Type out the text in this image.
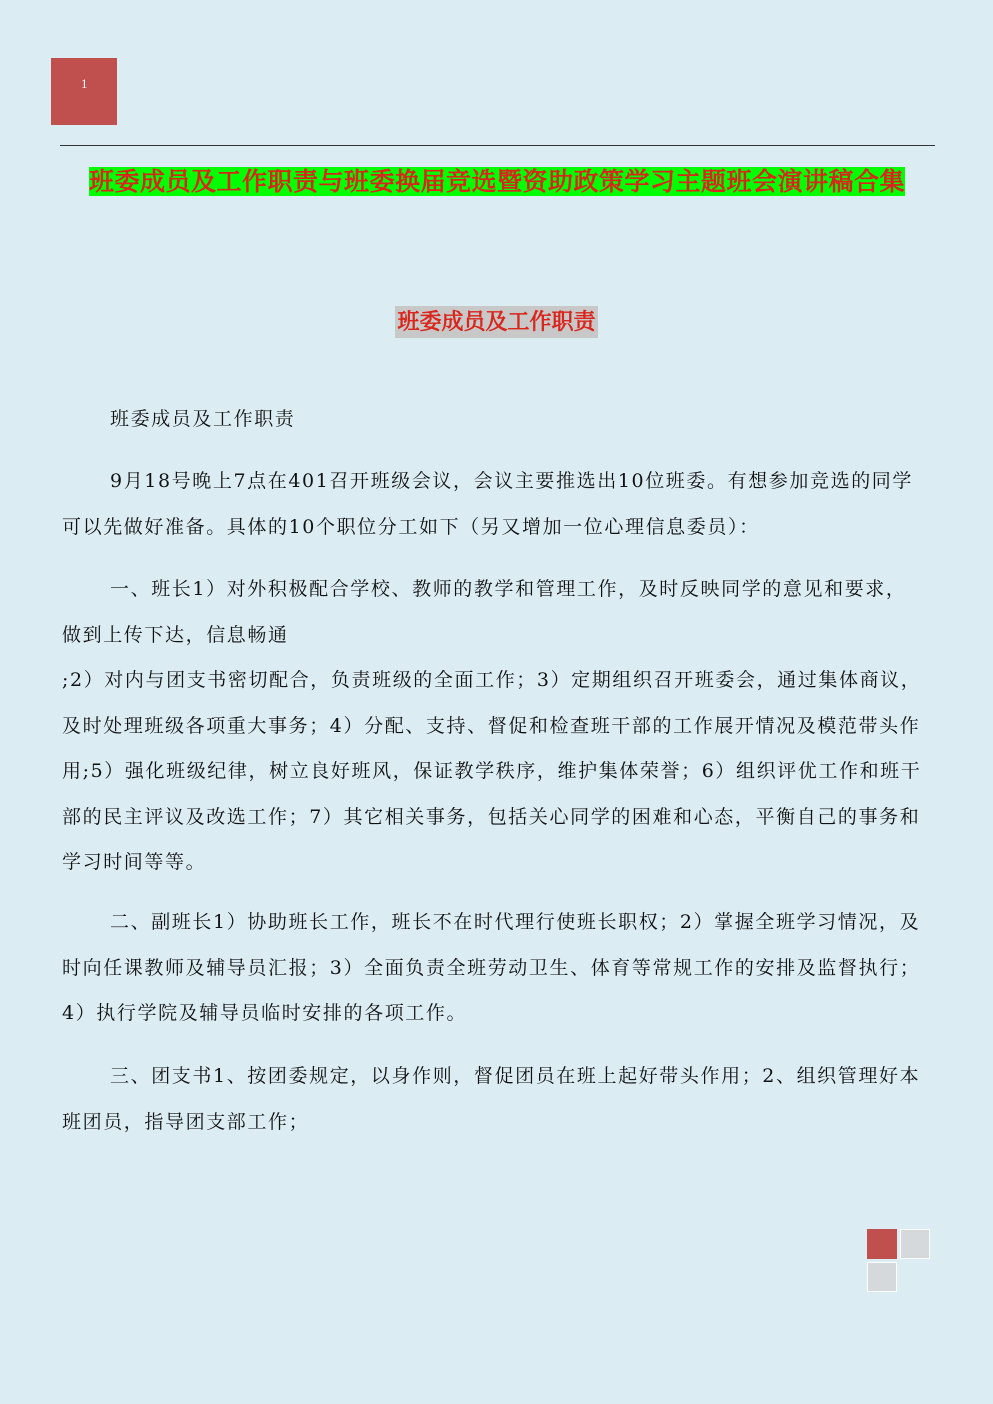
1
班委成员及工作职责与班委换届竞选暨资助政策学习主题班会演讲稿合集
班委成员及工作职责

班委成员及工作职责

9月18号晚上7点在401召开班级会议，会议主要推选出10位班委。有想参加竞选的同学可以先做好准备。具体的10个职位分工如下（另又增加一位心理信息委员）：

一、班长1）对外积极配合学校、教师的教学和管理工作，及时反映同学的意见和要求，做到上传下达，信息畅通
;2）对内与团支书密切配合，负责班级的全面工作；3）定期组织召开班委会，通过集体商议，及时处理班级各项重大事务；4）分配、支持、督促和检查班干部的工作展开情况及模范带头作用;5）强化班级纪律，树立良好班风，保证教学秩序，维护集体荣誉；6）组织评优工作和班干部的民主评议及改选工作；7）其它相关事务，包括关心同学的困难和心态，平衡自己的事务和学习时间等等。

二、副班长1）协助班长工作，班长不在时代理行使班长职权；2）掌握全班学习情况，及时向任课教师及辅导员汇报；3）全面负责全班劳动卫生、体育等常规工作的安排及监督执行；4）执行学院及辅导员临时安排的各项工作。

三、团支书1、按团委规定，以身作则，督促团员在班上起好带头作用；2、组织管理好本班团员，指导团支部工作；
